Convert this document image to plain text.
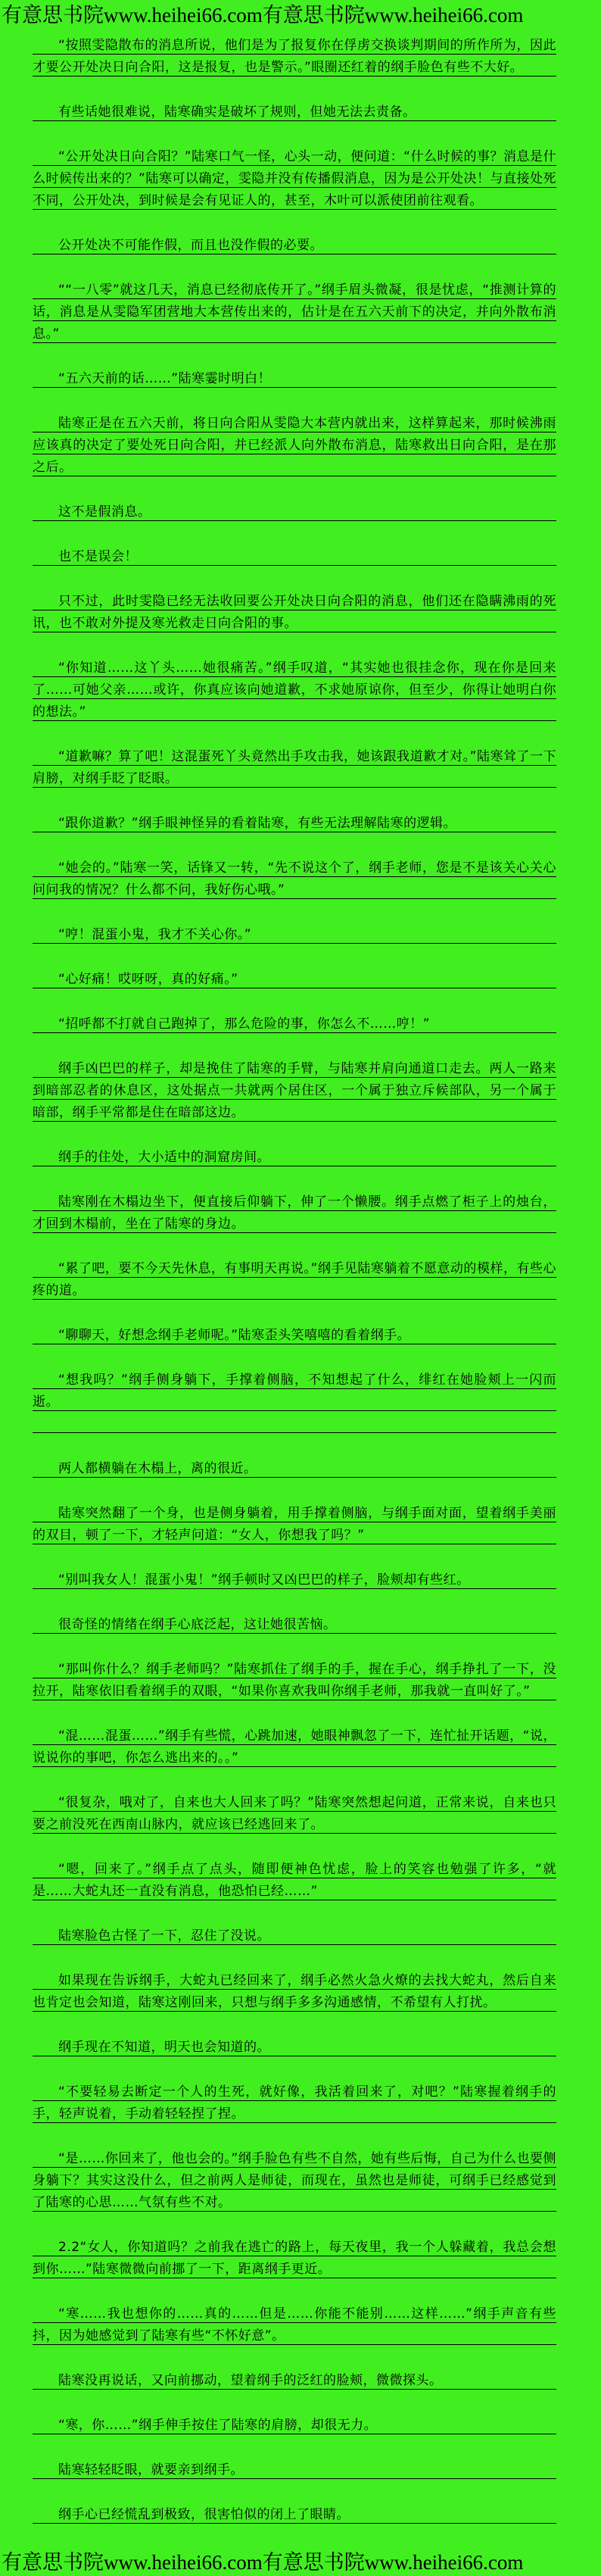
有意思书院www.heihei66.com有意思书院www.heihei66.com

“按照雯隐散布的消息所说，他们是为了报复你在俘虏交换谈判期间的所作所为，因此才要公开处决日向合阳，这是报复，也是警示。”眼圈还红着的纲手脸色有些不大好。

有些话她很难说，陆寒确实是破坏了规则，但她无法去责备。

“公开处决日向合阳？”陆寒口气一怪，心头一动，便问道：“什么时候的事？消息是什么时候传出来的？”陆寒可以确定，雯隐并没有传播假消息，因为是公开处决！与直接处死不同，公开处决，到时候是会有见证人的，甚至，木叶可以派使团前往观看。

公开处决不可能作假，而且也没作假的必要。

““一八零”就这几天，消息已经彻底传开了。”纲手眉头微凝，很是忧虑，“推测计算的话，消息是从雯隐军团营地大本营传出来的，估计是在五六天前下的决定，并向外散布消息。”

“五六天前的话……”陆寒霎时明白！

陆寒正是在五六天前，将日向合阳从雯隐大本营内就出来，这样算起来，那时候沸雨应该真的决定了要处死日向合阳，并已经派人向外散布消息，陆寒救出日向合阳，是在那之后。

这不是假消息。

也不是误会！

只不过，此时雯隐已经无法收回要公开处决日向合阳的消息，他们还在隐瞒沸雨的死讯，也不敢对外提及寒光救走日向合阳的事。

“你知道……这丫头……她很痛苦。”纲手叹道，“其实她也很挂念你，现在你是回来了……可她父亲……或许，你真应该向她道歉，不求她原谅你，但至少，你得让她明白你的想法。”

“道歉嘛？算了吧！这混蛋死丫头竟然出手攻击我，她该跟我道歉才对。”陆寒耸了一下肩膀，对纲手眨了眨眼。

“跟你道歉？”纲手眼神怪异的看着陆寒，有些无法理解陆寒的逻辑。

“她会的。”陆寒一笑，话锋又一转，“先不说这个了，纲手老师，您是不是该关心关心问问我的情况？什么都不问，我好伤心哦。”

“哼！混蛋小鬼，我才不关心你。”

“心好痛！哎呀呀，真的好痛。”

“招呼都不打就自己跑掉了，那么危险的事，你怎么不……哼！”

纲手凶巴巴的样子，却是挽住了陆寒的手臂，与陆寒并肩向通道口走去。两人一路来到暗部忍者的休息区，这处据点一共就两个居住区，一个属于独立斥候部队，另一个属于暗部，纲手平常都是住在暗部这边。

纲手的住处，大小适中的洞窟房间。

陆寒刚在木榻边坐下，便直接后仰躺下，伸了一个懒腰。纲手点燃了柜子上的烛台，才回到木榻前，坐在了陆寒的身边。

“累了吧，要不今天先休息，有事明天再说。”纲手见陆寒躺着不愿意动的模样，有些心疼的道。

“聊聊天，好想念纲手老师呢。”陆寒歪头笑嘻嘻的看着纲手。

“想我吗？”纲手侧身躺下，手撑着侧脑，不知想起了什么，绯红在她脸颊上一闪而逝。

两人都横躺在木榻上，离的很近。

陆寒突然翻了一个身，也是侧身躺着，用手撑着侧脑，与纲手面对面，望着纲手美丽的双目，顿了一下，才轻声问道：“女人，你想我了吗？”

“别叫我女人！混蛋小鬼！”纲手顿时又凶巴巴的样子，脸颊却有些红。

很奇怪的情绪在纲手心底泛起，这让她很苦恼。

“那叫你什么？纲手老师吗？”陆寒抓住了纲手的手，握在手心，纲手挣扎了一下，没拉开，陆寒依旧看着纲手的双眼，“如果你喜欢我叫你纲手老师，那我就一直叫好了。”

“混……混蛋……”纲手有些慌，心跳加速，她眼神飘忽了一下，连忙扯开话题，“说，说说你的事吧，你怎么逃出来的。。”

“很复杂，哦对了，自来也大人回来了吗？”陆寒突然想起问道，正常来说，自来也只要之前没死在西南山脉内，就应该已经逃回来了。

“嗯，回来了。”纲手点了点头，随即便神色忧虑，脸上的笑容也勉强了许多，“就是……大蛇丸还一直没有消息，他恐怕已经……”

陆寒脸色古怪了一下，忍住了没说。

如果现在告诉纲手，大蛇丸已经回来了，纲手必然火急火燎的去找大蛇丸，然后自来也肯定也会知道，陆寒这刚回来，只想与纲手多多沟通感情，不希望有人打扰。

纲手现在不知道，明天也会知道的。

“不要轻易去断定一个人的生死，就好像，我活着回来了，对吧？”陆寒握着纲手的手，轻声说着，手动着轻轻捏了捏。

“是……你回来了，他也会的。”纲手脸色有些不自然，她有些后悔，自己为什么也要侧身躺下？其实这没什么，但之前两人是师徒，而现在，虽然也是师徒，可纲手已经感觉到了陆寒的心思……气氛有些不对。

2.2“女人，你知道吗？之前我在逃亡的路上，每天夜里，我一个人躲藏着，我总会想到你……”陆寒微微向前挪了一下，距离纲手更近。

“寒……我也想你的……真的……但是……你能不能别……这样……”纲手声音有些抖，因为她感觉到了陆寒有些“不怀好意”。

陆寒没再说话，又向前挪动，望着纲手的泛红的脸颊，微微探头。

“寒，你……”纲手伸手按住了陆寒的肩膀，却很无力。

陆寒轻轻眨眼，就要亲到纲手。

纲手心已经慌乱到极致，很害怕似的闭上了眼睛。

有意思书院www.heihei66.com有意思书院www.heihei66.com
